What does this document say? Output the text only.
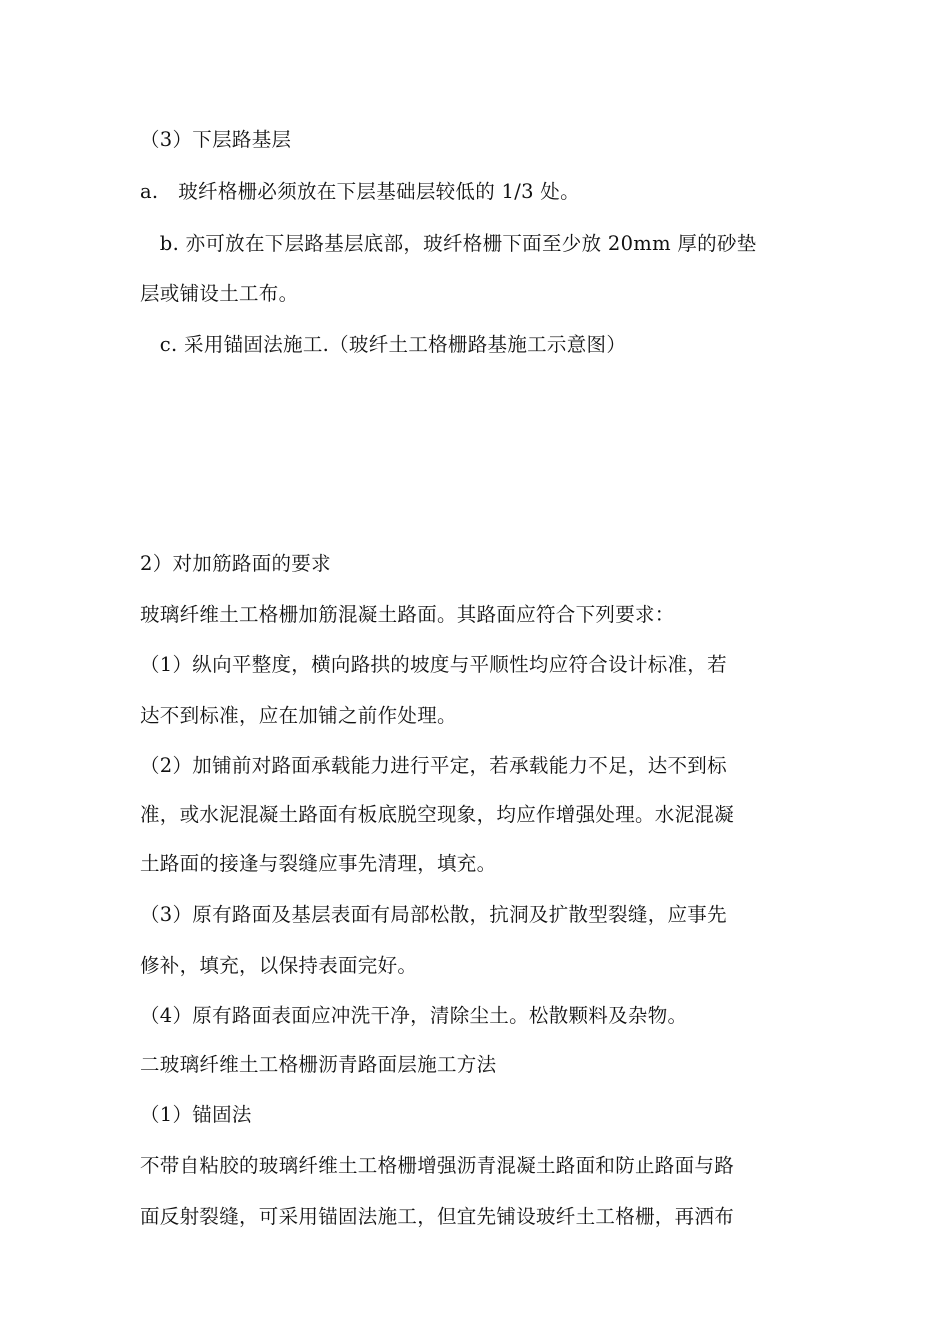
（3）下层路基层
a.　玻纤格栅必须放在下层基础层较低的 1/3 处。
　b. 亦可放在下层路基层底部，玻纤格栅下面至少放 20mm 厚的砂垫
层或铺设土工布。
　c. 采用锚固法施工.（玻纤土工格栅路基施工示意图）
2）对加筋路面的要求
玻璃纤维土工格栅加筋混凝土路面。其路面应符合下列要求：
（1）纵向平整度，横向路拱的坡度与平顺性均应符合设计标准，若
达不到标准，应在加铺之前作处理。
（2）加铺前对路面承载能力进行平定，若承载能力不足，达不到标
准，或水泥混凝土路面有板底脱空现象，均应作增强处理。水泥混凝
土路面的接逢与裂缝应事先清理，填充。
（3）原有路面及基层表面有局部松散，抗洞及扩散型裂缝，应事先
修补，填充，以保持表面完好。
（4）原有路面表面应冲洗干净，清除尘土。松散颗料及杂物。
二玻璃纤维土工格栅沥青路面层施工方法
（1）锚固法
不带自粘胶的玻璃纤维土工格栅增强沥青混凝土路面和防止路面与路
面反射裂缝，可采用锚固法施工，但宜先铺设玻纤土工格栅，再洒布
